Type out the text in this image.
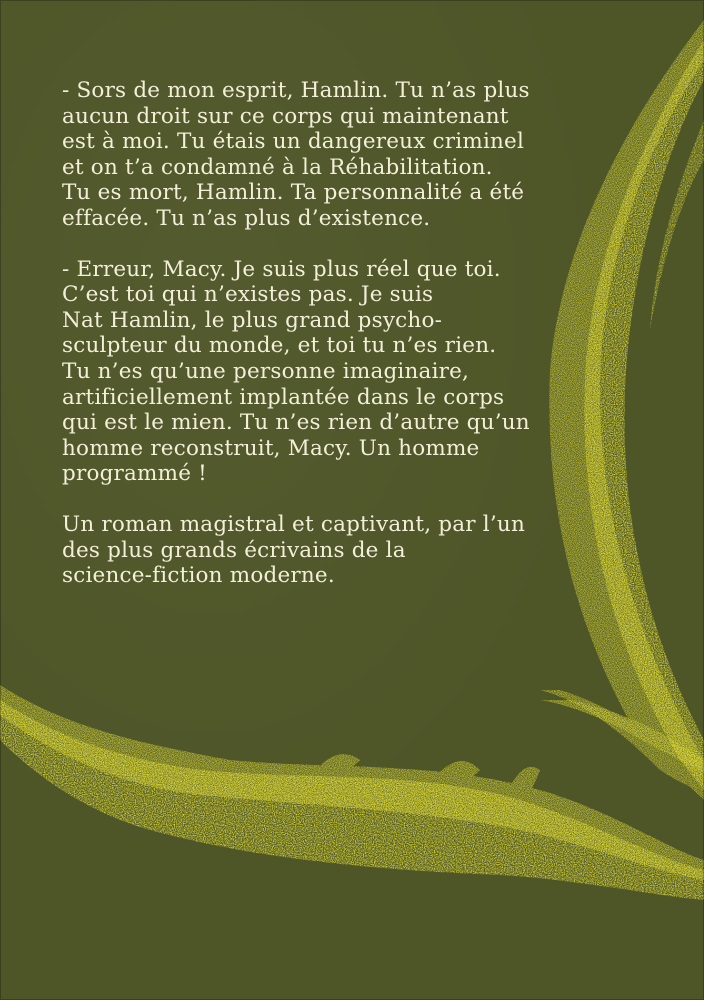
- Sors de mon esprit, Hamlin. Tu n’as plus
aucun droit sur ce corps qui maintenant
est à moi. Tu étais un dangereux criminel
et on t’a condamné à la Réhabilitation.
Tu es mort, Hamlin. Ta personnalité a été
effacée. Tu n’as plus d’existence.

- Erreur, Macy. Je suis plus réel que toi.
C’est toi qui n’existes pas. Je suis
Nat Hamlin, le plus grand psycho-
sculpteur du monde, et toi tu n’es rien.
Tu n’es qu’une personne imaginaire,
artificiellement implantée dans le corps
qui est le mien. Tu n’es rien d’autre qu’un
homme reconstruit, Macy. Un homme
programmé !

Un roman magistral et captivant, par l’un
des plus grands écrivains de la
science-fiction moderne.
